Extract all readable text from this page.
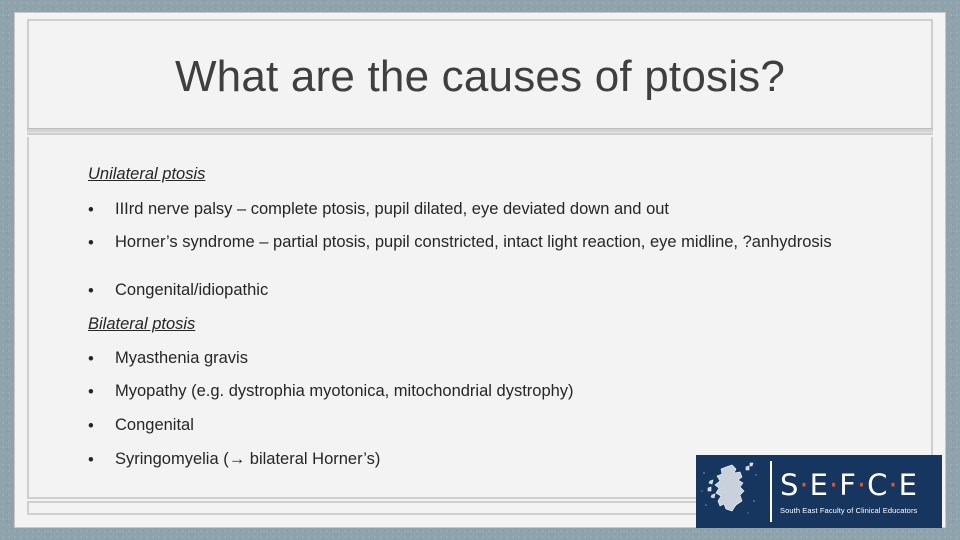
What are the causes of ptosis?

Unilateral ptosis

• IIIrd nerve palsy – complete ptosis, pupil dilated, eye deviated down and out
• Horner’s syndrome – partial ptosis, pupil constricted, intact light reaction, eye midline, ?anhydrosis
• Congenital/idiopathic

Bilateral ptosis

• Myasthenia gravis
• Myopathy (e.g. dystrophia myotonica, mitochondrial dystrophy)
• Congenital
• Syringomyelia (→ bilateral Horner’s)
S·E·F·C·E
South East Faculty of Clinical Educators
